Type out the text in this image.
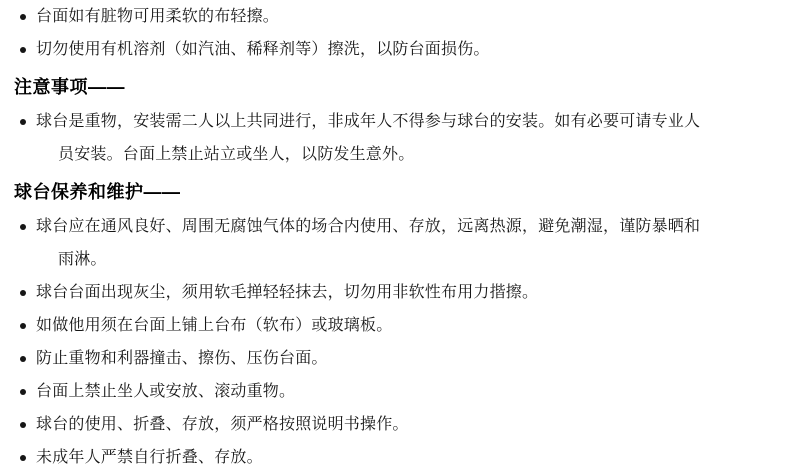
台面如有脏物可用柔软的布轻擦。
切勿使用有机溶剂（如汽油、稀释剂等）擦洗，以防台面损伤。
注意事项——
球台是重物，安装需二人以上共同进行，非成年人不得参与球台的安装。如有必要可请专业人
员安装。台面上禁止站立或坐人，以防发生意外。
球台保养和维护——
球台应在通风良好、周围无腐蚀气体的场合内使用、存放，远离热源，避免潮湿，谨防暴晒和
雨淋。
球台台面出现灰尘，须用软毛掸轻轻抹去，切勿用非软性布用力揩擦。
如做他用须在台面上铺上台布（软布）或玻璃板。
防止重物和利器撞击、擦伤、压伤台面。
台面上禁止坐人或安放、滚动重物。
球台的使用、折叠、存放，须严格按照说明书操作。
未成年人严禁自行折叠、存放。
